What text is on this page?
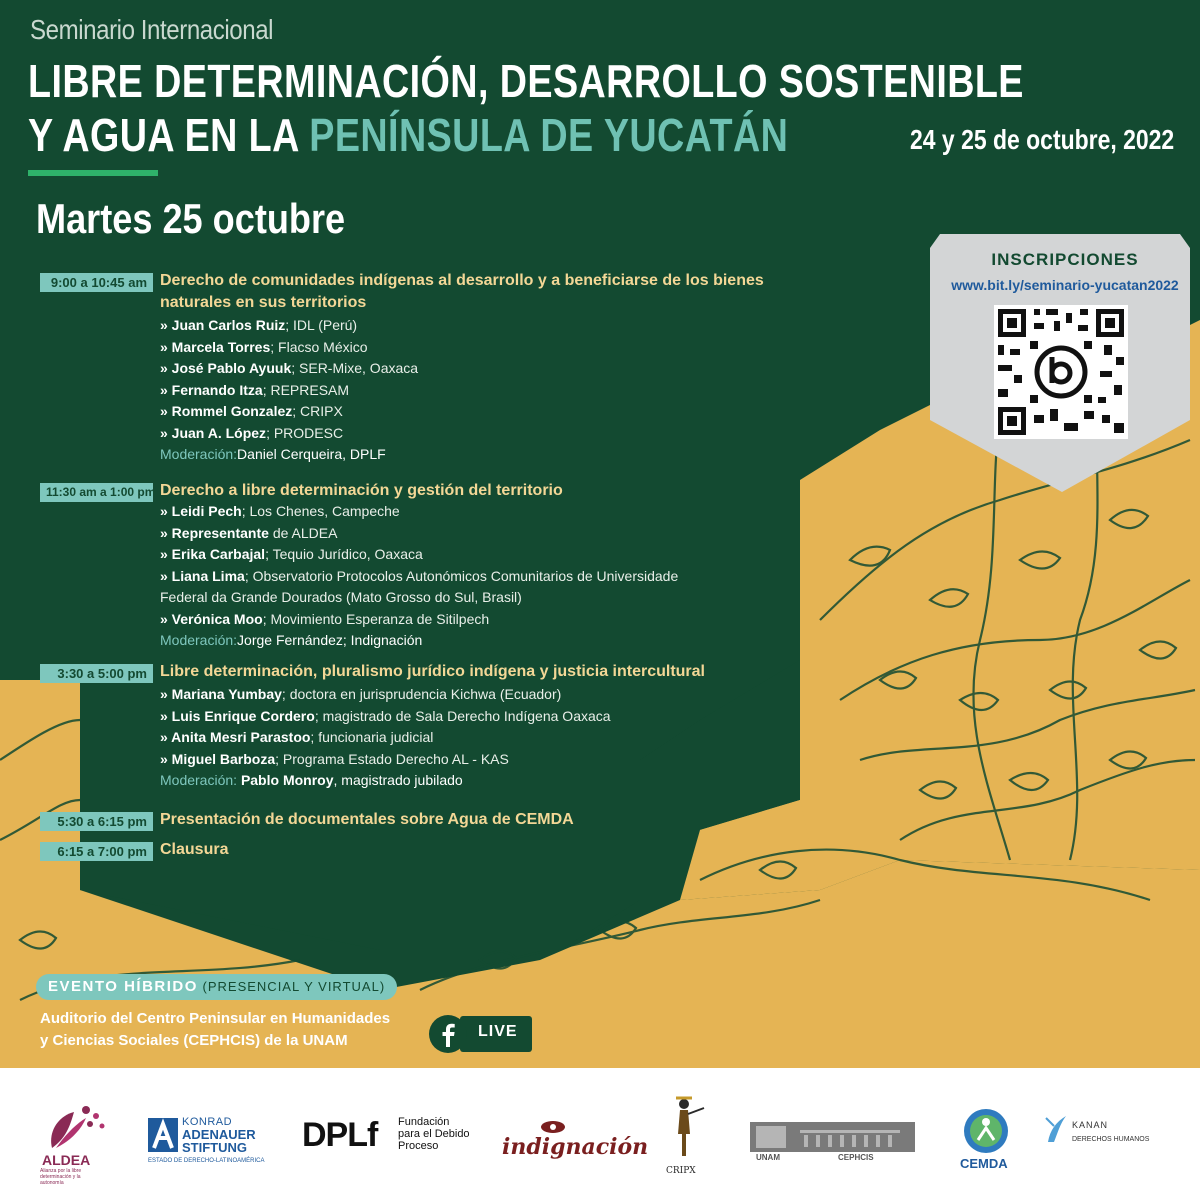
Seminario Internacional
LIBRE DETERMINACIÓN, DESARROLLO SOSTENIBLE
Y AGUA EN LA PENÍNSULA DE YUCATÁN	24 y 25 de octubre, 2022
Martes 25 octubre
INSCRIPCIONES
www.bit.ly/seminario-yucatan2022
9:00 a 10:45 am Derecho de comunidades indígenas al desarrollo y a beneficiarse de los bienes naturales en sus territorios
» Juan Carlos Ruiz; IDL (Perú)
» Marcela Torres; Flacso México
» José Pablo Ayuuk; SER-Mixe, Oaxaca
» Fernando Itza; REPRESAM
» Rommel Gonzalez; CRIPX
» Juan A. López; PRODESC
Moderación:Daniel Cerqueira, DPLF
11:30 am a 1:00 pm Derecho a libre determinación y gestión del territorio
» Leidi Pech; Los Chenes, Campeche
» Representante de ALDEA
» Erika Carbajal; Tequio Jurídico, Oaxaca
» Liana Lima; Observatorio Protocolos Autonómicos Comunitarios de Universidade
Federal da Grande Dourados (Mato Grosso do Sul, Brasil)
» Verónica Moo; Movimiento Esperanza de Sitilpech
Moderación:Jorge Fernández; Indignación
3:30 a 5:00 pm Libre determinación, pluralismo jurídico indígena y justicia intercultural
» Mariana Yumbay; doctora en jurisprudencia Kichwa (Ecuador)
» Luis Enrique Cordero; magistrado de Sala Derecho Indígena Oaxaca
» Anita Mesri Parastoo; funcionaria judicial
» Miguel Barboza; Programa Estado Derecho AL - KAS
Moderación: Pablo Monroy, magistrado jubilado
5:30 a 6:15 pm Presentación de documentales sobre Agua de CEMDA
6:15 a 7:00 pm Clausura
EVENTO HÍBRIDO (PRESENCIAL Y VIRTUAL)
Auditorio del Centro Peninsular en Humanidades
y Ciencias Sociales (CEPHCIS) de la UNAM
LIVE
ALDEA
Alianza por la libre determinación y la autonomía
KONRAD
ADENAUER
STIFTUNG
ESTADO DE DERECHO-LATINOAMÉRICA
DPLf Fundación
para el Debido
Proceso	indignación
CRIPX
UNAM	CEPHCIS	CEMDA
KANAN
DERECHOS HUMANOS
